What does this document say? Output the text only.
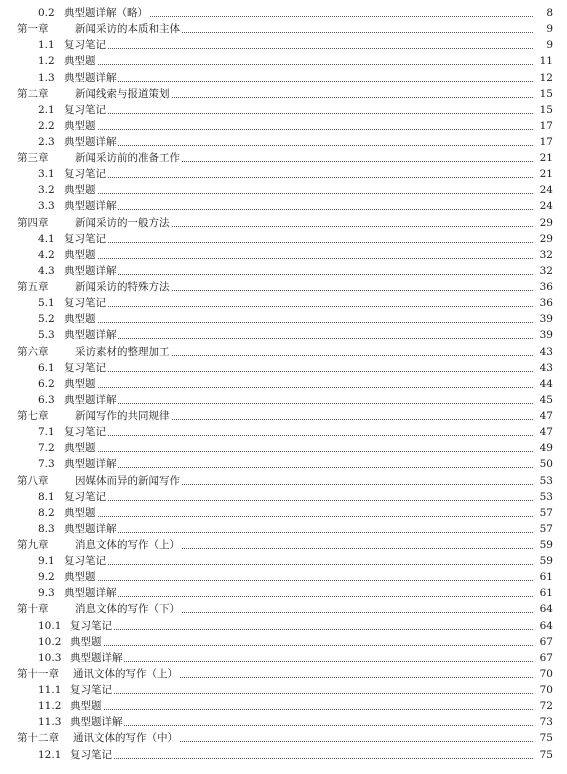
0.2 典型题详解（略）	8
第一章	新闻采访的本质和主体	9
1.1 复习笔记	9
1.2 典型题	11
1.3 典型题详解	12
第二章	新闻线索与报道策划	15
2.1 复习笔记	15
2.2 典型题	17
2.3 典型题详解	17
第三章	新闻采访前的准备工作	21
3.1 复习笔记	21
3.2 典型题	24
3.3 典型题详解	24
第四章	新闻采访的一般方法	29
4.1 复习笔记	29
4.2 典型题	32
4.3 典型题详解	32
第五章	新闻采访的特殊方法	36
5.1 复习笔记	36
5.2 典型题	39
5.3 典型题详解	39
第六章	采访素材的整理加工	43
6.1 复习笔记	43
6.2 典型题	44
6.3 典型题详解	45
第七章	新闻写作的共同规律	47
7.1 复习笔记	47
7.2 典型题	49
7.3 典型题详解	50
第八章	因媒体而异的新闻写作	53
8.1 复习笔记	53
8.2 典型题	57
8.3 典型题详解	57
第九章	消息文体的写作（上）	59
9.1 复习笔记	59
9.2 典型题	61
9.3 典型题详解	61
第十章	消息文体的写作（下）	64
10.1 复习笔记	64
10.2 典型题	67
10.3 典型题详解	67
第十一章 通讯文体的写作（上）	70
11.1 复习笔记	70
11.2 典型题	72
11.3 典型题详解	73
第十二章 通讯文体的写作（中）	75
12.1 复习笔记	75
